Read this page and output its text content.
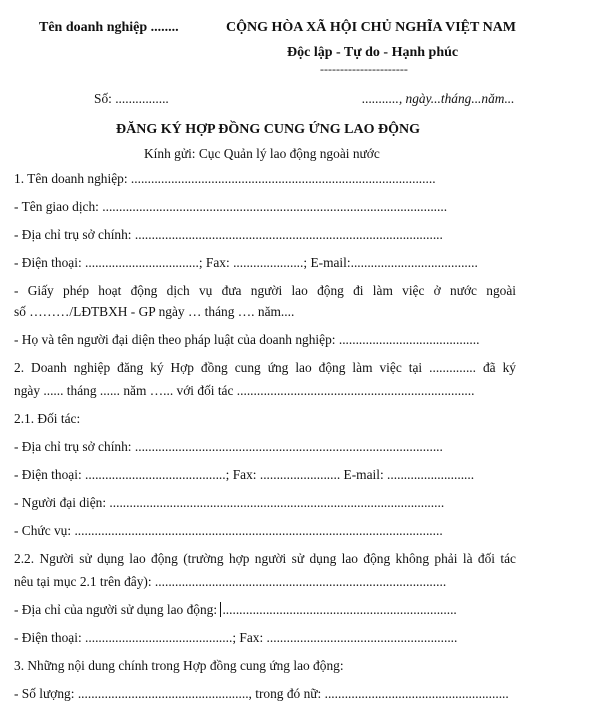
Tên doanh nghiệp ........	CỘNG HÒA XÃ HỘI CHỦ NGHĨA VIỆT NAM
Độc lập - Tự do - Hạnh phúc
----------------------
Số: ................	..........., ngày...tháng...năm...
ĐĂNG KÝ HỢP ĐỒNG CUNG ỨNG LAO ĐỘNG
Kính gửi: Cục Quản lý lao động ngoài nước
1. Tên doanh nghiệp: ...........................................................................................
- Tên giao dịch: .......................................................................................................
- Địa chỉ trụ sở chính: ............................................................................................
- Điện thoại: ..................................; Fax: .....................; E-mail:......................................
- Giấy phép hoạt động dịch vụ đưa người lao động đi làm việc ở nước ngoài
số ………/LĐTBXH - GP ngày … tháng …. năm....
- Họ và tên người đại diện theo pháp luật của doanh nghiệp: ..........................................
2. Doanh nghiệp đăng ký Hợp đồng cung ứng lao động làm việc tại .............. đã ký
ngày ...... tháng ...... năm …... với đối tác .......................................................................
2.1. Đối tác:
- Địa chỉ trụ sở chính: ............................................................................................
- Điện thoại: ..........................................; Fax: ........................ E-mail: ..........................
- Người đại diện: ....................................................................................................
- Chức vụ: ..............................................................................................................
2.2. Người sử dụng lao động (trường hợp người sử dụng lao động không phải là đối tác
nêu tại mục 2.1 trên đây): .......................................................................................
- Địa chỉ của người sử dụng lao động: ......................................................................
- Điện thoại: ............................................; Fax: .........................................................
3. Những nội dung chính trong Hợp đồng cung ứng lao động:
- Số lượng: ..................................................., trong đó nữ: .......................................................
